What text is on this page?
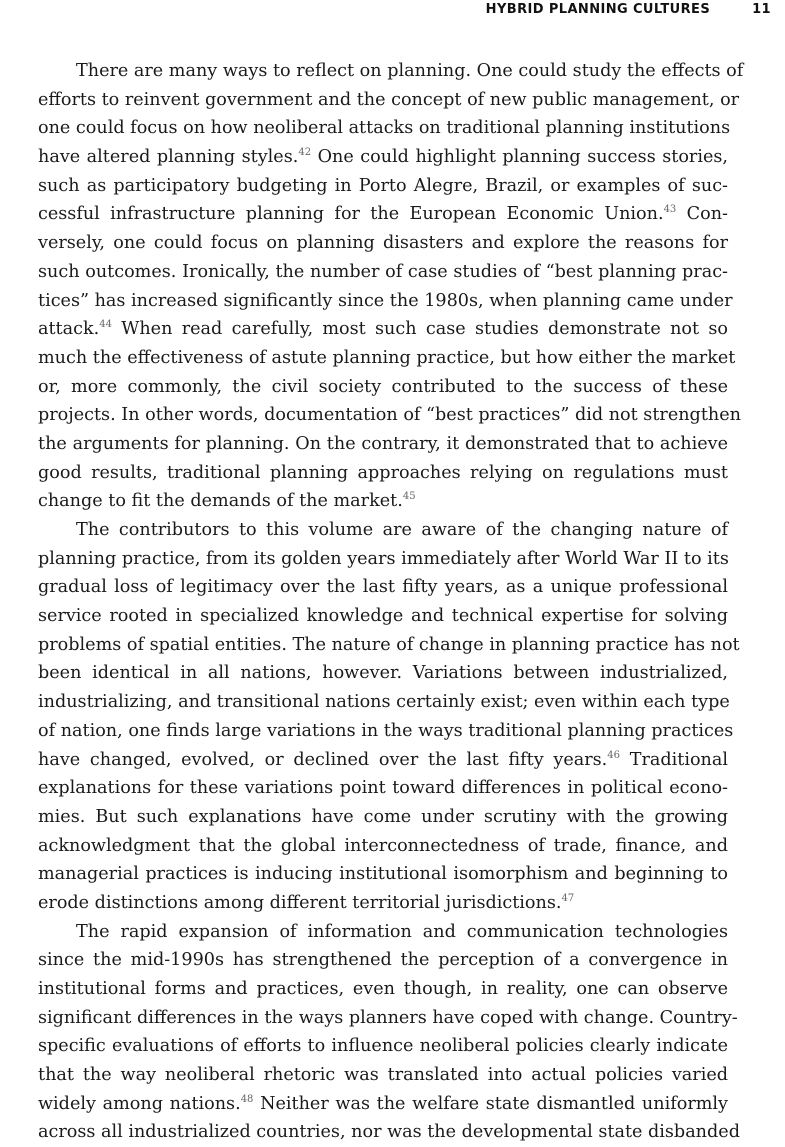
HYBRID PLANNING CULTURES	11

There are many ways to reflect on planning. One could study the effects of
efforts to reinvent government and the concept of new public management, or
one could focus on how neoliberal attacks on traditional planning institutions
have altered planning styles.$^{42}$ One could highlight planning success stories,
such as participatory budgeting in Porto Alegre, Brazil, or examples of suc-
cessful infrastructure planning for the European Economic Union.$^{43}$ Con-
versely, one could focus on planning disasters and explore the reasons for
such outcomes. Ironically, the number of case studies of “best planning prac-
tices” has increased significantly since the 1980s, when planning came under
attack.$^{44}$ When read carefully, most such case studies demonstrate not so
much the effectiveness of astute planning practice, but how either the market
or, more commonly, the civil society contributed to the success of these
projects. In other words, documentation of “best practices” did not strengthen
the arguments for planning. On the contrary, it demonstrated that to achieve
good results, traditional planning approaches relying on regulations must
change to fit the demands of the market.$^{45}$

The contributors to this volume are aware of the changing nature of
planning practice, from its golden years immediately after World War II to its
gradual loss of legitimacy over the last fifty years, as a unique professional
service rooted in specialized knowledge and technical expertise for solving
problems of spatial entities. The nature of change in planning practice has not
been identical in all nations, however. Variations between industrialized,
industrializing, and transitional nations certainly exist; even within each type
of nation, one finds large variations in the ways traditional planning practices
have changed, evolved, or declined over the last fifty years.$^{46}$ Traditional
explanations for these variations point toward differences in political econo-
mies. But such explanations have come under scrutiny with the growing
acknowledgment that the global interconnectedness of trade, finance, and
managerial practices is inducing institutional isomorphism and beginning to
erode distinctions among different territorial jurisdictions.$^{47}$

The rapid expansion of information and communication technologies
since the mid-1990s has strengthened the perception of a convergence in
institutional forms and practices, even though, in reality, one can observe
significant differences in the ways planners have coped with change. Country-
specific evaluations of efforts to influence neoliberal policies clearly indicate
that the way neoliberal rhetoric was translated into actual policies varied
widely among nations.$^{48}$ Neither was the welfare state dismantled uniformly
across all industrialized countries, nor was the developmental state disbanded
